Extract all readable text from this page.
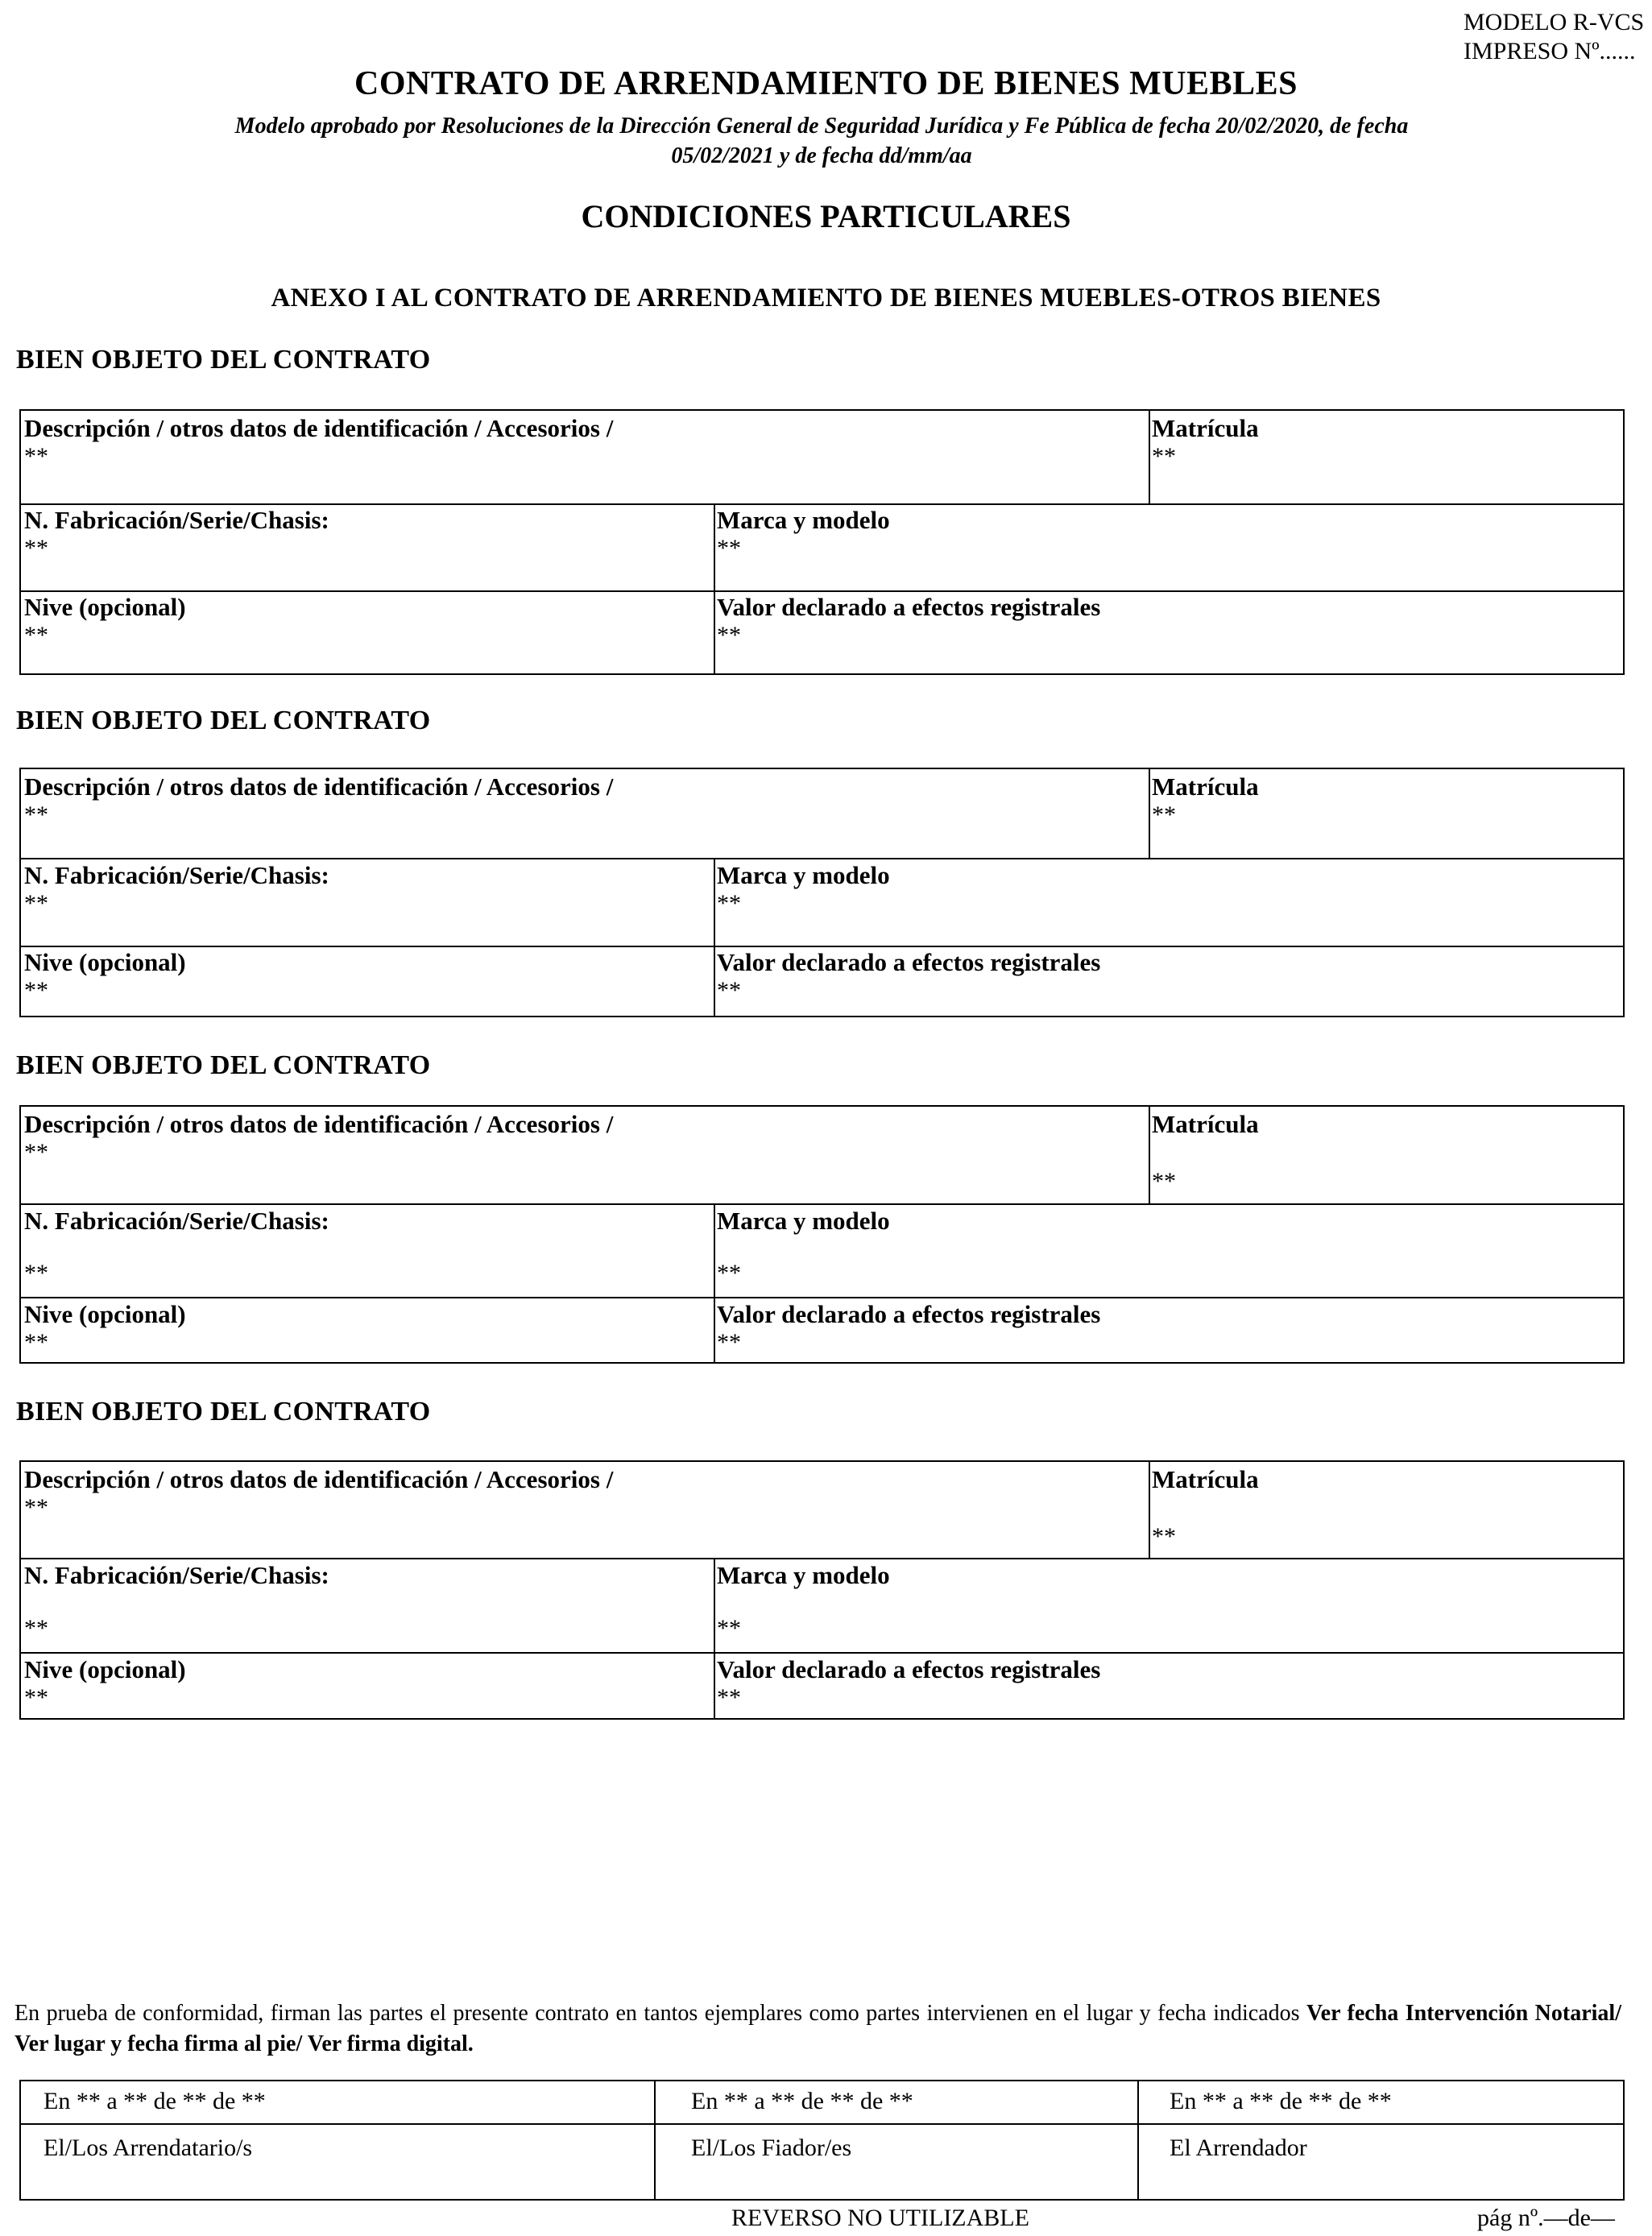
MODELO R-VCS
IMPRESO Nº......
CONTRATO DE ARRENDAMIENTO DE BIENES MUEBLES
Modelo aprobado por Resoluciones de la Dirección General de Seguridad Jurídica y Fe Pública de fecha 20/02/2020, de fecha
05/02/2021 y de fecha dd/mm/aa
CONDICIONES PARTICULARES
ANEXO I AL CONTRATO DE ARRENDAMIENTO DE BIENES MUEBLES-OTROS BIENES
BIEN OBJETO DEL CONTRATO
Descripción / otros datos de identificación / Accesorios /
**
Matrícula
**
N. Fabricación/Serie/Chasis:
**
Marca y modelo
**
Nive (opcional)
**
Valor declarado a efectos registrales
**
BIEN OBJETO DEL CONTRATO
Descripción / otros datos de identificación / Accesorios /
**
Matrícula
**
N. Fabricación/Serie/Chasis:
**
Marca y modelo
**
Nive (opcional)
**
Valor declarado a efectos registrales
**
BIEN OBJETO DEL CONTRATO
Descripción / otros datos de identificación / Accesorios /
**
Matrícula
**
N. Fabricación/Serie/Chasis:
**
Marca y modelo
**
Nive (opcional)
**
Valor declarado a efectos registrales
**
BIEN OBJETO DEL CONTRATO
Descripción / otros datos de identificación / Accesorios /
**
Matrícula
**
N. Fabricación/Serie/Chasis:
**
Marca y modelo
**
Nive (opcional)
**
Valor declarado a efectos registrales
**
En prueba de conformidad, firman las partes el presente contrato en tantos ejemplares como partes intervienen en el lugar y fecha indicados Ver fecha Intervención Notarial/ Ver lugar y fecha firma al pie/ Ver firma digital.
En ** a ** de ** de **	En ** a ** de ** de **	En ** a ** de ** de **
El/Los Arrendatario/s	El/Los Fiador/es	El Arrendador
REVERSO NO UTILIZABLE	pág nº.—de—
